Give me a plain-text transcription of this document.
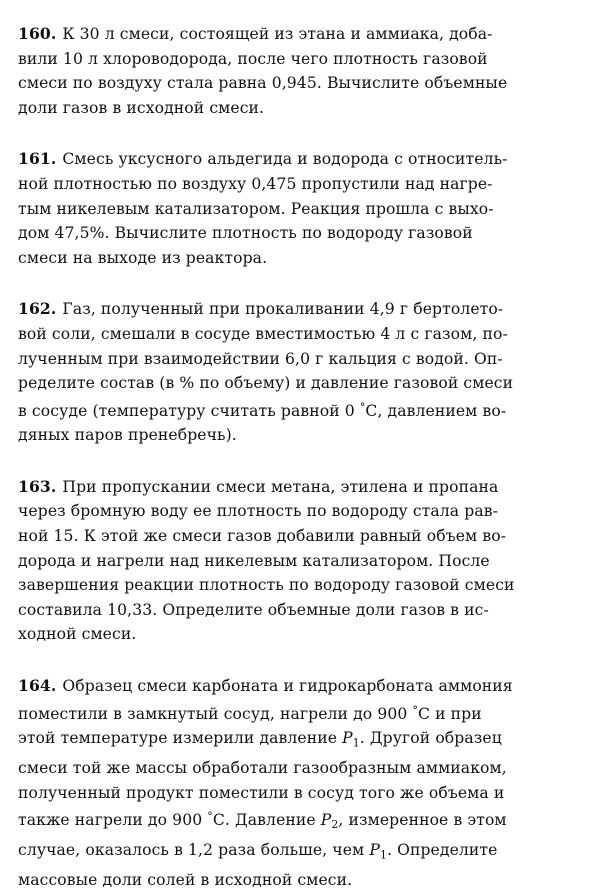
160. К 30 л смеси, состоящей из этана и аммиака, доба-
вили 10 л хлороводорода, после чего плотность газовой
смеси по воздуху стала равна 0,945. Вычислите объемные
доли газов в исходной смеси.
161. Смесь уксусного альдегида и водорода с относитель-
ной плотностью по воздуху 0,475 пропустили над нагре-
тым никелевым катализатором. Реакция прошла с выхо-
дом 47,5%. Вычислите плотность по водороду газовой
смеси на выходе из реактора.
162. Газ, полученный при прокаливании 4,9 г бертолето-
вой соли, смешали в сосуде вместимостью 4 л с газом, по-
лученным при взаимодействии 6,0 г кальция с водой. Оп-
ределите состав (в % по объему) и давление газовой смеси
в сосуде (температуру считать равной 0 °С, давлением во-
дяных паров пренебречь).
163. При пропускании смеси метана, этилена и пропана
через бромную воду ее плотность по водороду стала рав-
ной 15. К этой же смеси газов добавили равный объем во-
дорода и нагрели над никелевым катализатором. После
завершения реакции плотность по водороду газовой смеси
составила 10,33. Определите объемные доли газов в ис-
ходной смеси.
164. Образец смеси карбоната и гидрокарбоната аммония
поместили в замкнутый сосуд, нагрели до 900 °С и при
этой температуре измерили давление $P_1$. Другой образец
смеси той же массы обработали газообразным аммиаком,
полученный продукт поместили в сосуд того же объема и
также нагрели до 900 °С. Давление $P_2$, измеренное в этом
случае, оказалось в 1,2 раза больше, чем $P_1$. Определите
массовые доли солей в исходной смеси.
